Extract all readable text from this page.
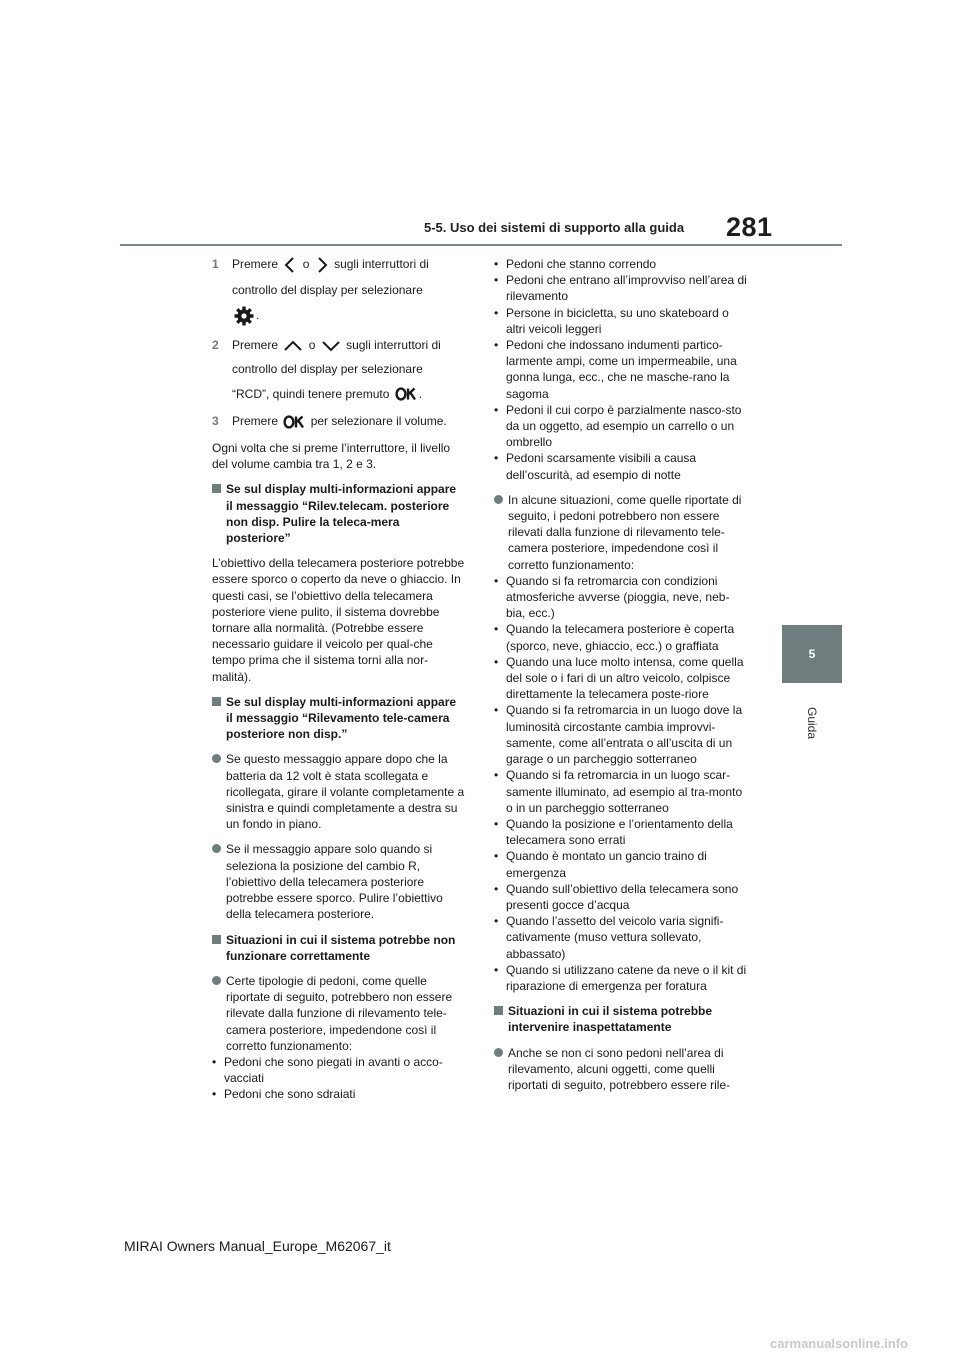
281
5-5. Uso dei sistemi di supporto alla guida
5
Guida
1	Premere o sugli interruttori di
controllo del display per selezionare
.
2	Premere	o	sugli interruttori di
controllo del display per selezionare
“RCD”, quindi tenere premuto .
3	Premere	per selezionare il volume.

Ogni volta che si preme l’interruttore, il livello del volume cambia tra 1, 2 e 3.

Se sul display multi-informazioni appare il messaggio “Rilev.telecam. posteriore non disp. Pulire la teleca-mera posteriore”

L’obiettivo della telecamera posteriore potrebbe essere sporco o coperto da neve o ghiaccio. In questi casi, se l’obiettivo della telecamera posteriore viene pulito, il sistema dovrebbe tornare alla normalità. (Potrebbe essere necessario guidare il veicolo per qual-che tempo prima che il sistema torni alla nor-malità).

Se sul display multi-informazioni appare il messaggio “Rilevamento tele-camera posteriore non disp.”
Se questo messaggio appare dopo che la batteria da 12 volt è stata scollegata e ricollegata, girare il volante completamente a sinistra e quindi completamente a destra su un fondo in piano.
Se il messaggio appare solo quando si seleziona la posizione del cambio R, l’obiettivo della telecamera posteriore potrebbe essere sporco. Pulire l’obiettivo della telecamera posteriore.
Situazioni in cui il sistema potrebbe non funzionare correttamente
Certe tipologie di pedoni, come quelle riportate di seguito, potrebbero non essere rilevate dalla funzione di rilevamento tele-camera posteriore, impedendone così il corretto funzionamento:
• Pedoni che sono piegati in avanti o acco-vacciati
• Pedoni che sono sdraiati
• Pedoni che stanno correndo
• Pedoni che entrano all’improvviso nell’area di rilevamento
• Persone in bicicletta, su uno skateboard o altri veicoli leggeri
• Pedoni che indossano indumenti partico-larmente ampi, come un impermeabile, una gonna lunga, ecc., che ne masche-rano la sagoma
• Pedoni il cui corpo è parzialmente nasco-sto da un oggetto, ad esempio un carrello o un ombrello
• Pedoni scarsamente visibili a causa dell’oscurità, ad esempio di notte
In alcune situazioni, come quelle riportate di seguito, i pedoni potrebbero non essere rilevati dalla funzione di rilevamento tele-camera posteriore, impedendone così il corretto funzionamento:
• Quando si fa retromarcia con condizioni atmosferiche avverse (pioggia, neve, neb-bia, ecc.)
• Quando la telecamera posteriore è coperta (sporco, neve, ghiaccio, ecc.) o graffiata
• Quando una luce molto intensa, come quella del sole o i fari di un altro veicolo, colpisce direttamente la telecamera poste-riore
• Quando si fa retromarcia in un luogo dove la luminosità circostante cambia improvvi-samente, come all’entrata o all’uscita di un garage o un parcheggio sotterraneo
• Quando si fa retromarcia in un luogo scar-samente illuminato, ad esempio al tra-monto o in un parcheggio sotterraneo
• Quando la posizione e l’orientamento della telecamera sono errati
• Quando è montato un gancio traino di emergenza
• Quando sull’obiettivo della telecamera sono presenti gocce d’acqua
• Quando l’assetto del veicolo varia signifi-cativamente (muso vettura sollevato, abbassato)
• Quando si utilizzano catene da neve o il kit di riparazione di emergenza per foratura
Situazioni in cui il sistema potrebbe intervenire inaspettatamente
Anche se non ci sono pedoni nell’area di rilevamento, alcuni oggetti, come quelli riportati di seguito, potrebbero essere rile-
MIRAI Owners Manual_Europe_M62067_it
carmanualsonline.info
